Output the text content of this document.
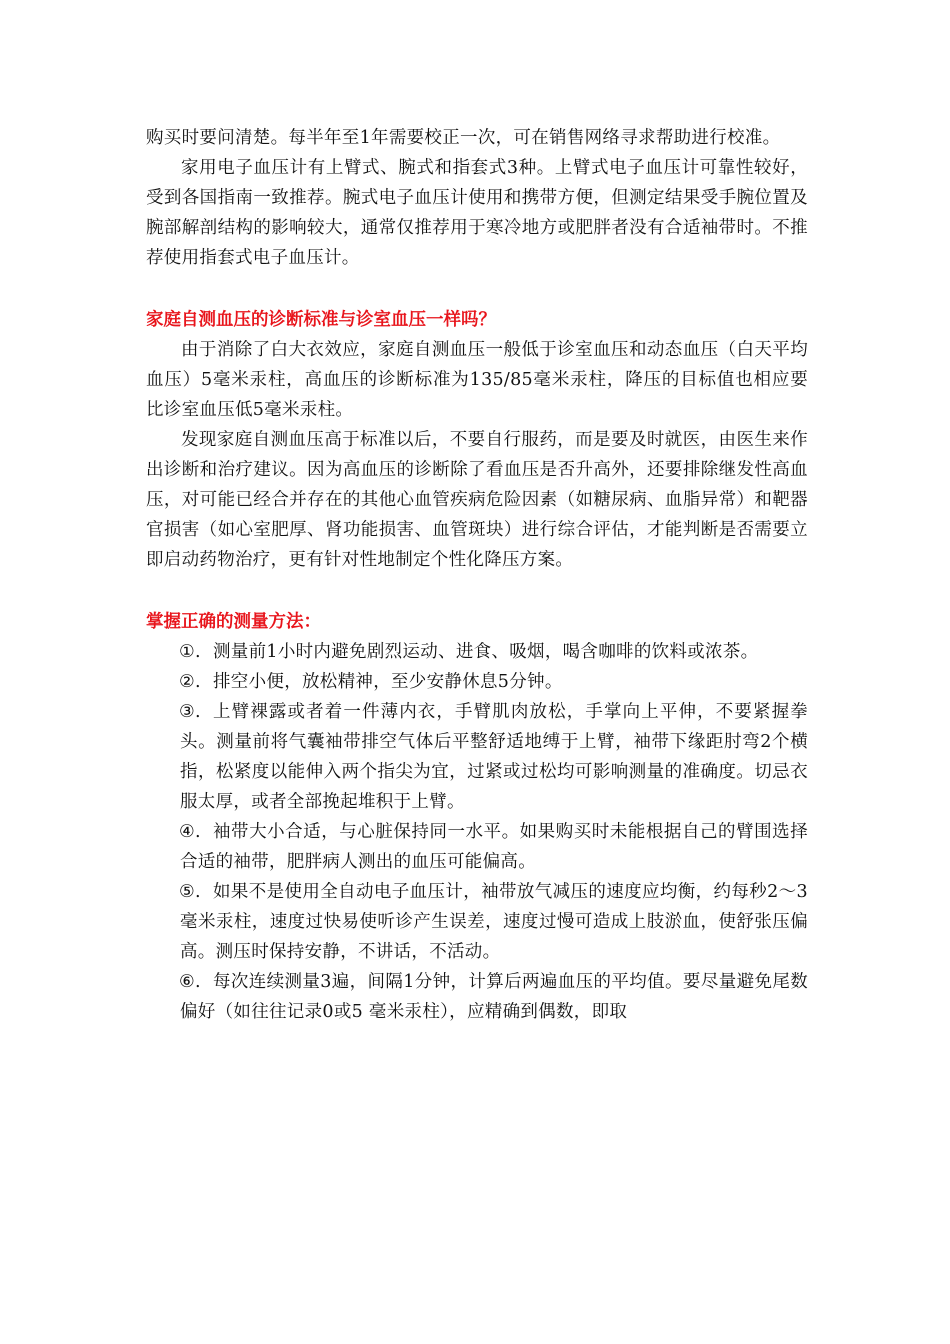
购买时要问清楚。每半年至1年需要校正一次，可在销售网络寻求帮助进行校准。

家用电子血压计有上臂式、腕式和指套式3种。上臂式电子血压计可靠性较好，受到各国指南一致推荐。腕式电子血压计使用和携带方便，但测定结果受手腕位置及腕部解剖结构的影响较大，通常仅推荐用于寒冷地方或肥胖者没有合适袖带时。不推荐使用指套式电子血压计。

家庭自测血压的诊断标准与诊室血压一样吗？

由于消除了白大衣效应，家庭自测血压一般低于诊室血压和动态血压（白天平均血压）5毫米汞柱，高血压的诊断标准为135/85毫米汞柱，降压的目标值也相应要比诊室血压低5毫米汞柱。

发现家庭自测血压高于标准以后，不要自行服药，而是要及时就医，由医生来作出诊断和治疗建议。因为高血压的诊断除了看血压是否升高外，还要排除继发性高血压，对可能已经合并存在的其他心血管疾病危险因素（如糖尿病、血脂异常）和靶器官损害（如心室肥厚、肾功能损害、血管斑块）进行综合评估，才能判断是否需要立即启动药物治疗，更有针对性地制定个性化降压方案。

掌握正确的测量方法：
①. 测量前1小时内避免剧烈运动、进食、吸烟，喝含咖啡的饮料或浓茶。
②. 排空小便，放松精神，至少安静休息5分钟。
③. 上臂裸露或者着一件薄内衣，手臂肌肉放松，手掌向上平伸，不要紧握拳头。测量前将气囊袖带排空气体后平整舒适地缚于上臂，袖带下缘距肘弯2个横指，松紧度以能伸入两个指尖为宜，过紧或过松均可影响测量的准确度。切忌衣服太厚，或者全部挽起堆积于上臂。
④. 袖带大小合适，与心脏保持同一水平。如果购买时未能根据自己的臂围选择合适的袖带，肥胖病人测出的血压可能偏高。
⑤. 如果不是使用全自动电子血压计，袖带放气减压的速度应均衡，约每秒2～3 毫米汞柱，速度过快易使听诊产生误差，速度过慢可造成上肢淤血，使舒张压偏高。测压时保持安静，不讲话，不活动。
⑥. 每次连续测量3遍，间隔1分钟，计算后两遍血压的平均值。要尽量避免尾数偏好（如往往记录0或5 毫米汞柱），应精确到偶数，即取
